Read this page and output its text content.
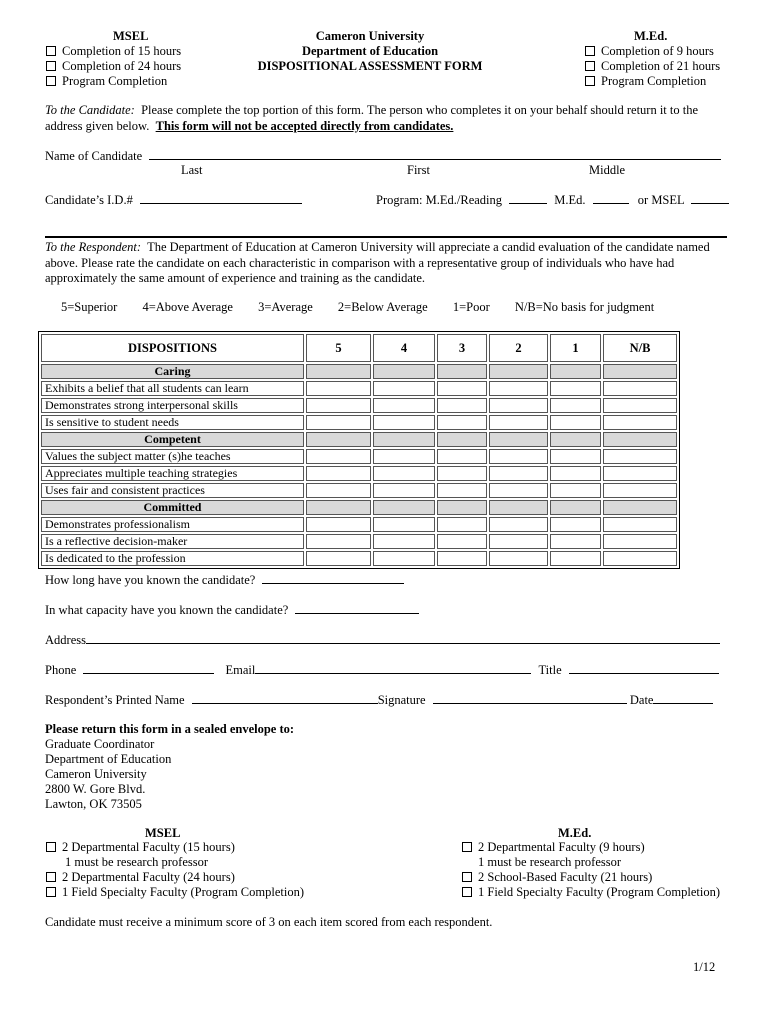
MSEL
Completion of 15 hours
Completion of 24 hours
Program Completion
Cameron University
Department of Education
DISPOSITIONAL ASSESSMENT FORM
M.Ed.
Completion of 9 hours
Completion of 21 hours
Program Completion
To the Candidate: Please complete the top portion of this form. The person who completes it on your behalf should return it to the address given below. This form will not be accepted directly from candidates.
Name of Candidate
Last	First	Middle
Candidate’s I.D.#	Program: M.Ed./Reading	M.Ed.	or MSEL
To the Respondent: The Department of Education at Cameron University will appreciate a candid evaluation of the candidate named above. Please rate the candidate on each characteristic in comparison with a representative group of individuals who have had approximately the same amount of experience and training as the candidate.
5=Superior 4=Above Average 3=Average 2=Below Average 1=Poor N/B=No basis for judgment
DISPOSITIONS	5	4	3	2	1	N/B
Caring						
Exhibits a belief that all students can learn						
Demonstrates strong interpersonal skills						
Is sensitive to student needs						
Competent						
Values the subject matter (s)he teaches						
Appreciates multiple teaching strategies						
Uses fair and consistent practices						
Committed						
Demonstrates professionalism						
Is a reflective decision-maker						
Is dedicated to the profession						
How long have you known the candidate?
In what capacity have you known the candidate?
Address
Phone	Email	Title
Respondent’s Printed Name	Signature	Date
Please return this form in a sealed envelope to:
Graduate Coordinator
Department of Education
Cameron University
2800 W. Gore Blvd.
Lawton, OK 73505
MSEL
2 Departmental Faculty (15 hours)
1 must be research professor
2 Departmental Faculty (24 hours)
1 Field Specialty Faculty (Program Completion)
M.Ed.
2 Departmental Faculty (9 hours)
1 must be research professor
2 School-Based Faculty (21 hours)
1 Field Specialty Faculty (Program Completion)
Candidate must receive a minimum score of 3 on each item scored from each respondent.
1/12
